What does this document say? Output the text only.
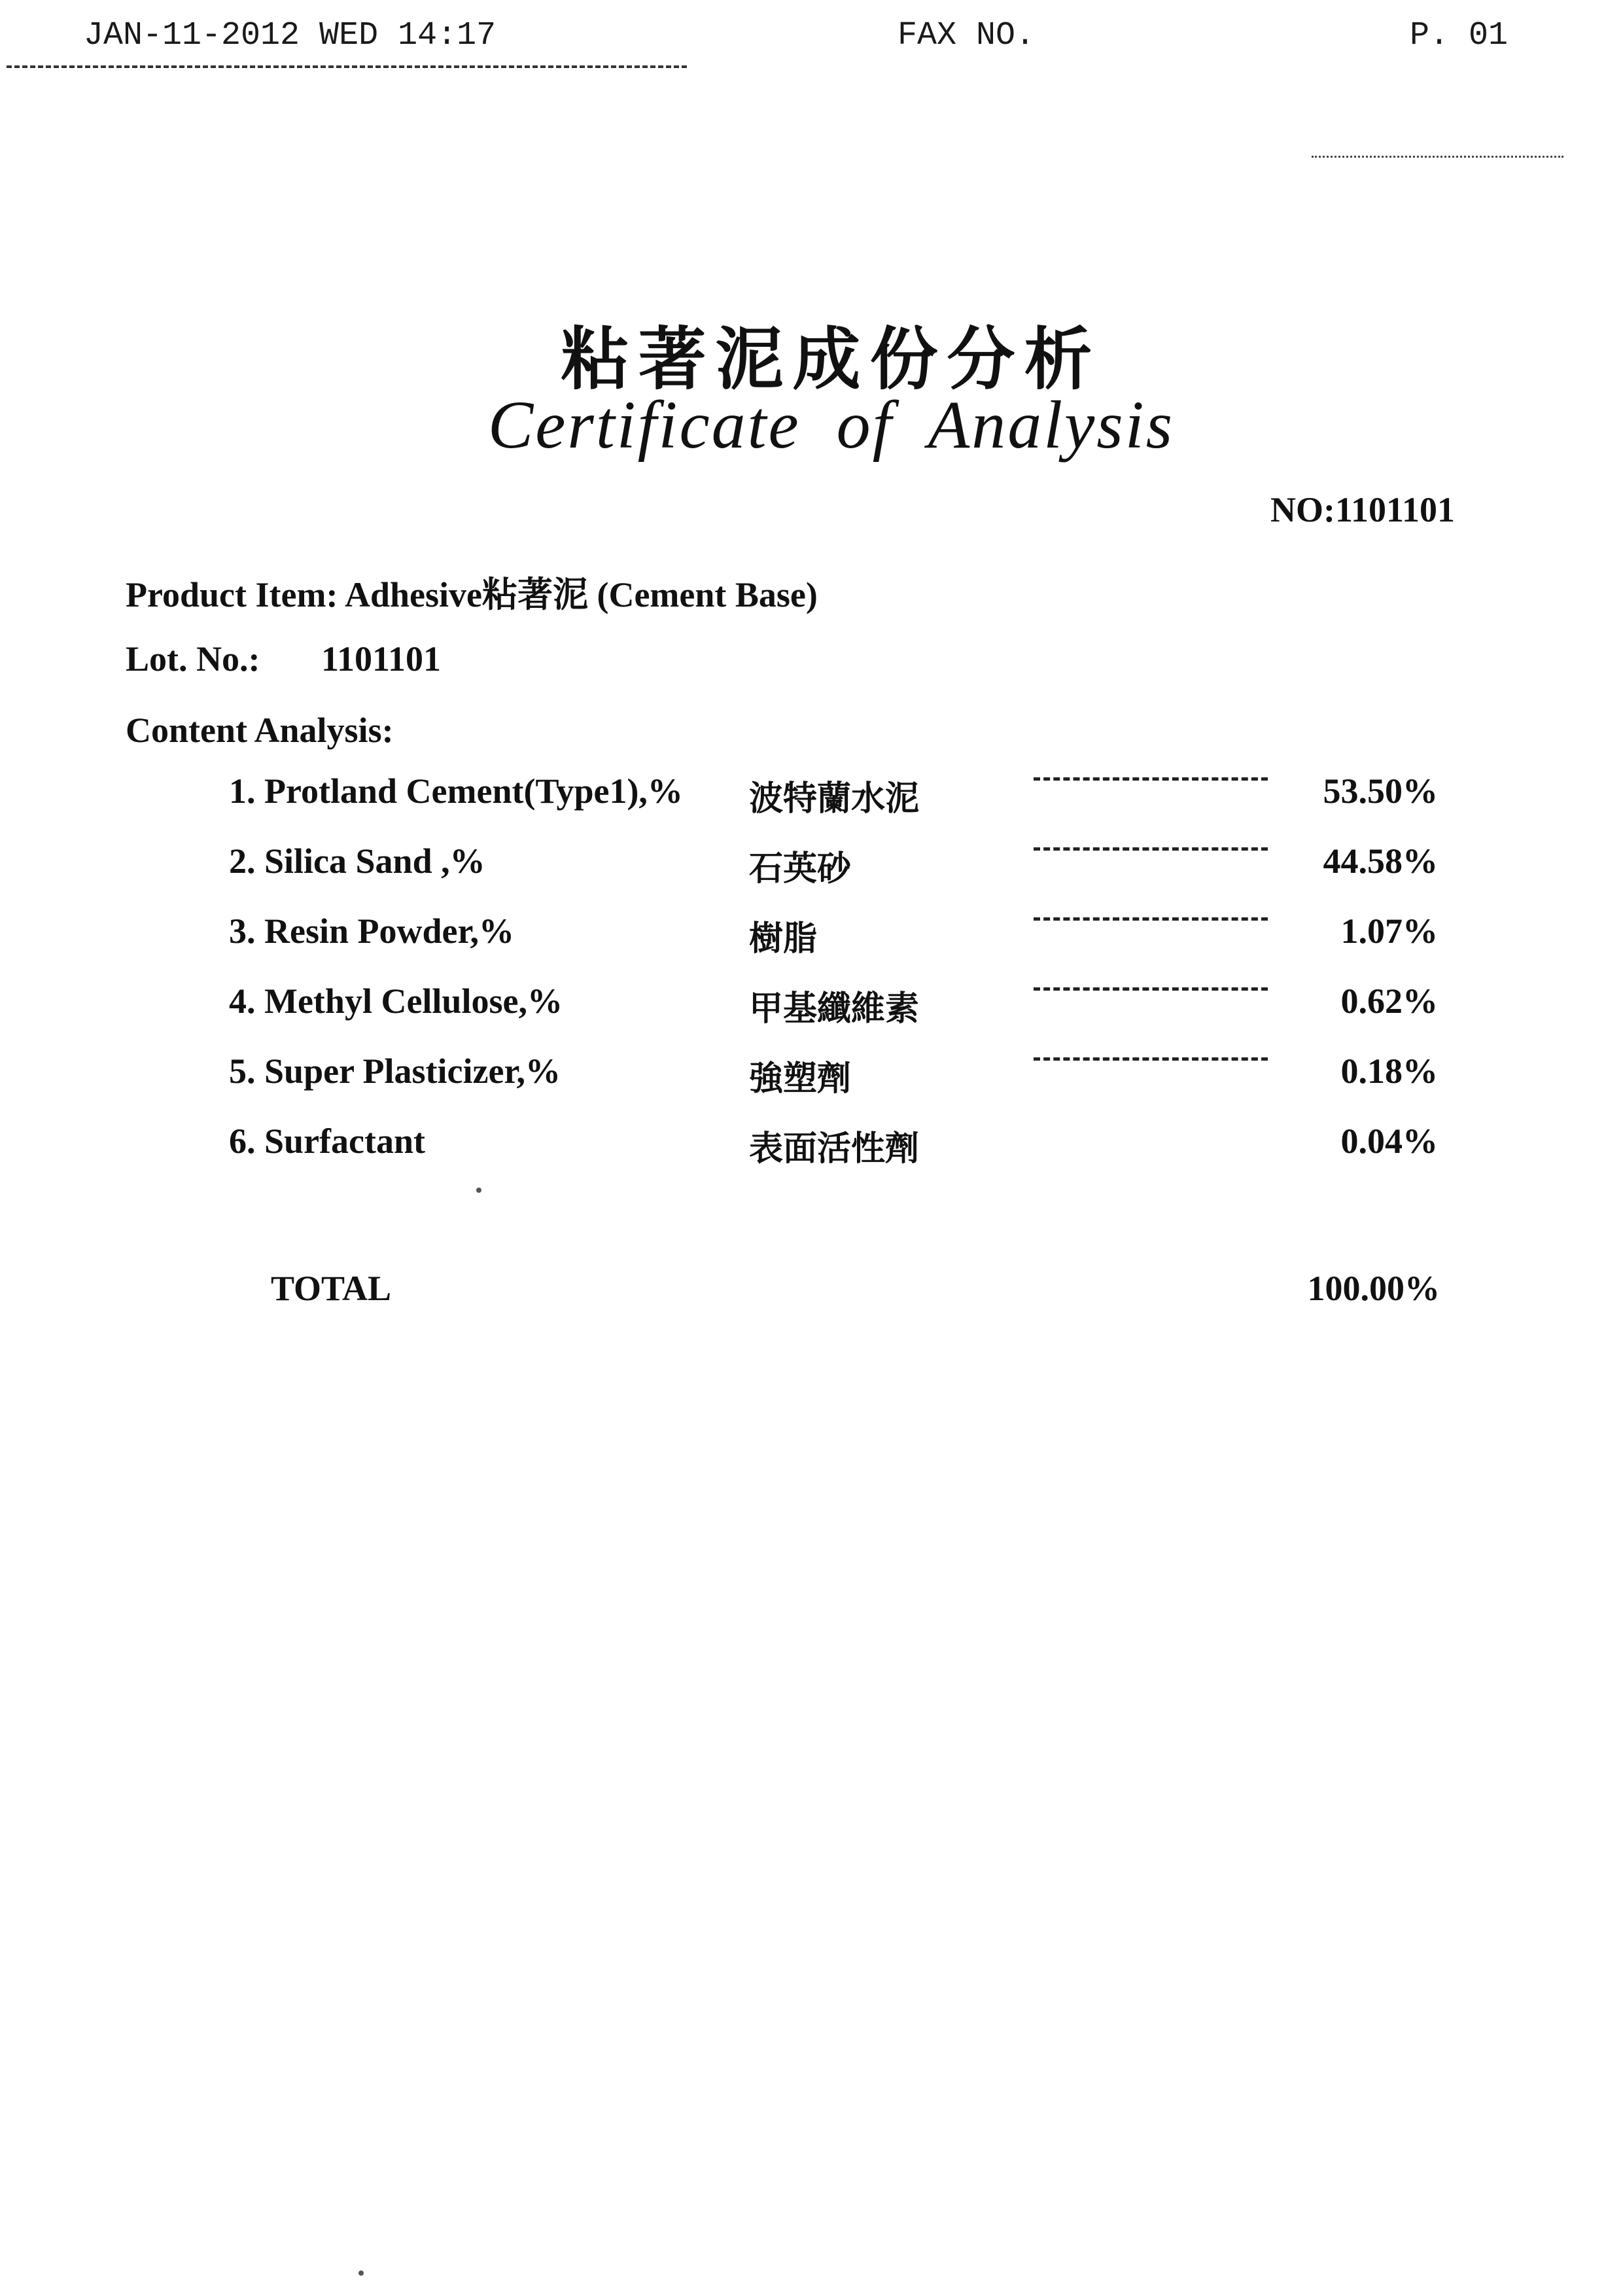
JAN-11-2012 WED 14:17	FAX NO.	P. 01
粘著泥成份分析
Certificate of Analysis
NO:1101101
Product Item: Adhesive粘著泥 (Cement Base)
Lot. No.: 1101101
Content Analysis:
1. Protland Cement(Type1),% 波特蘭水泥	53.50%
2. Silica Sand ,%	石英砂	44.58%
3. Resin Powder,%	樹脂	1.07%
4. Methyl Cellulose,%	甲基纖維素	0.62%
5. Super Plasticizer,%	強塑劑	0.18%
6. Surfactant	表面活性劑	0.04%
TOTAL	100.00%
